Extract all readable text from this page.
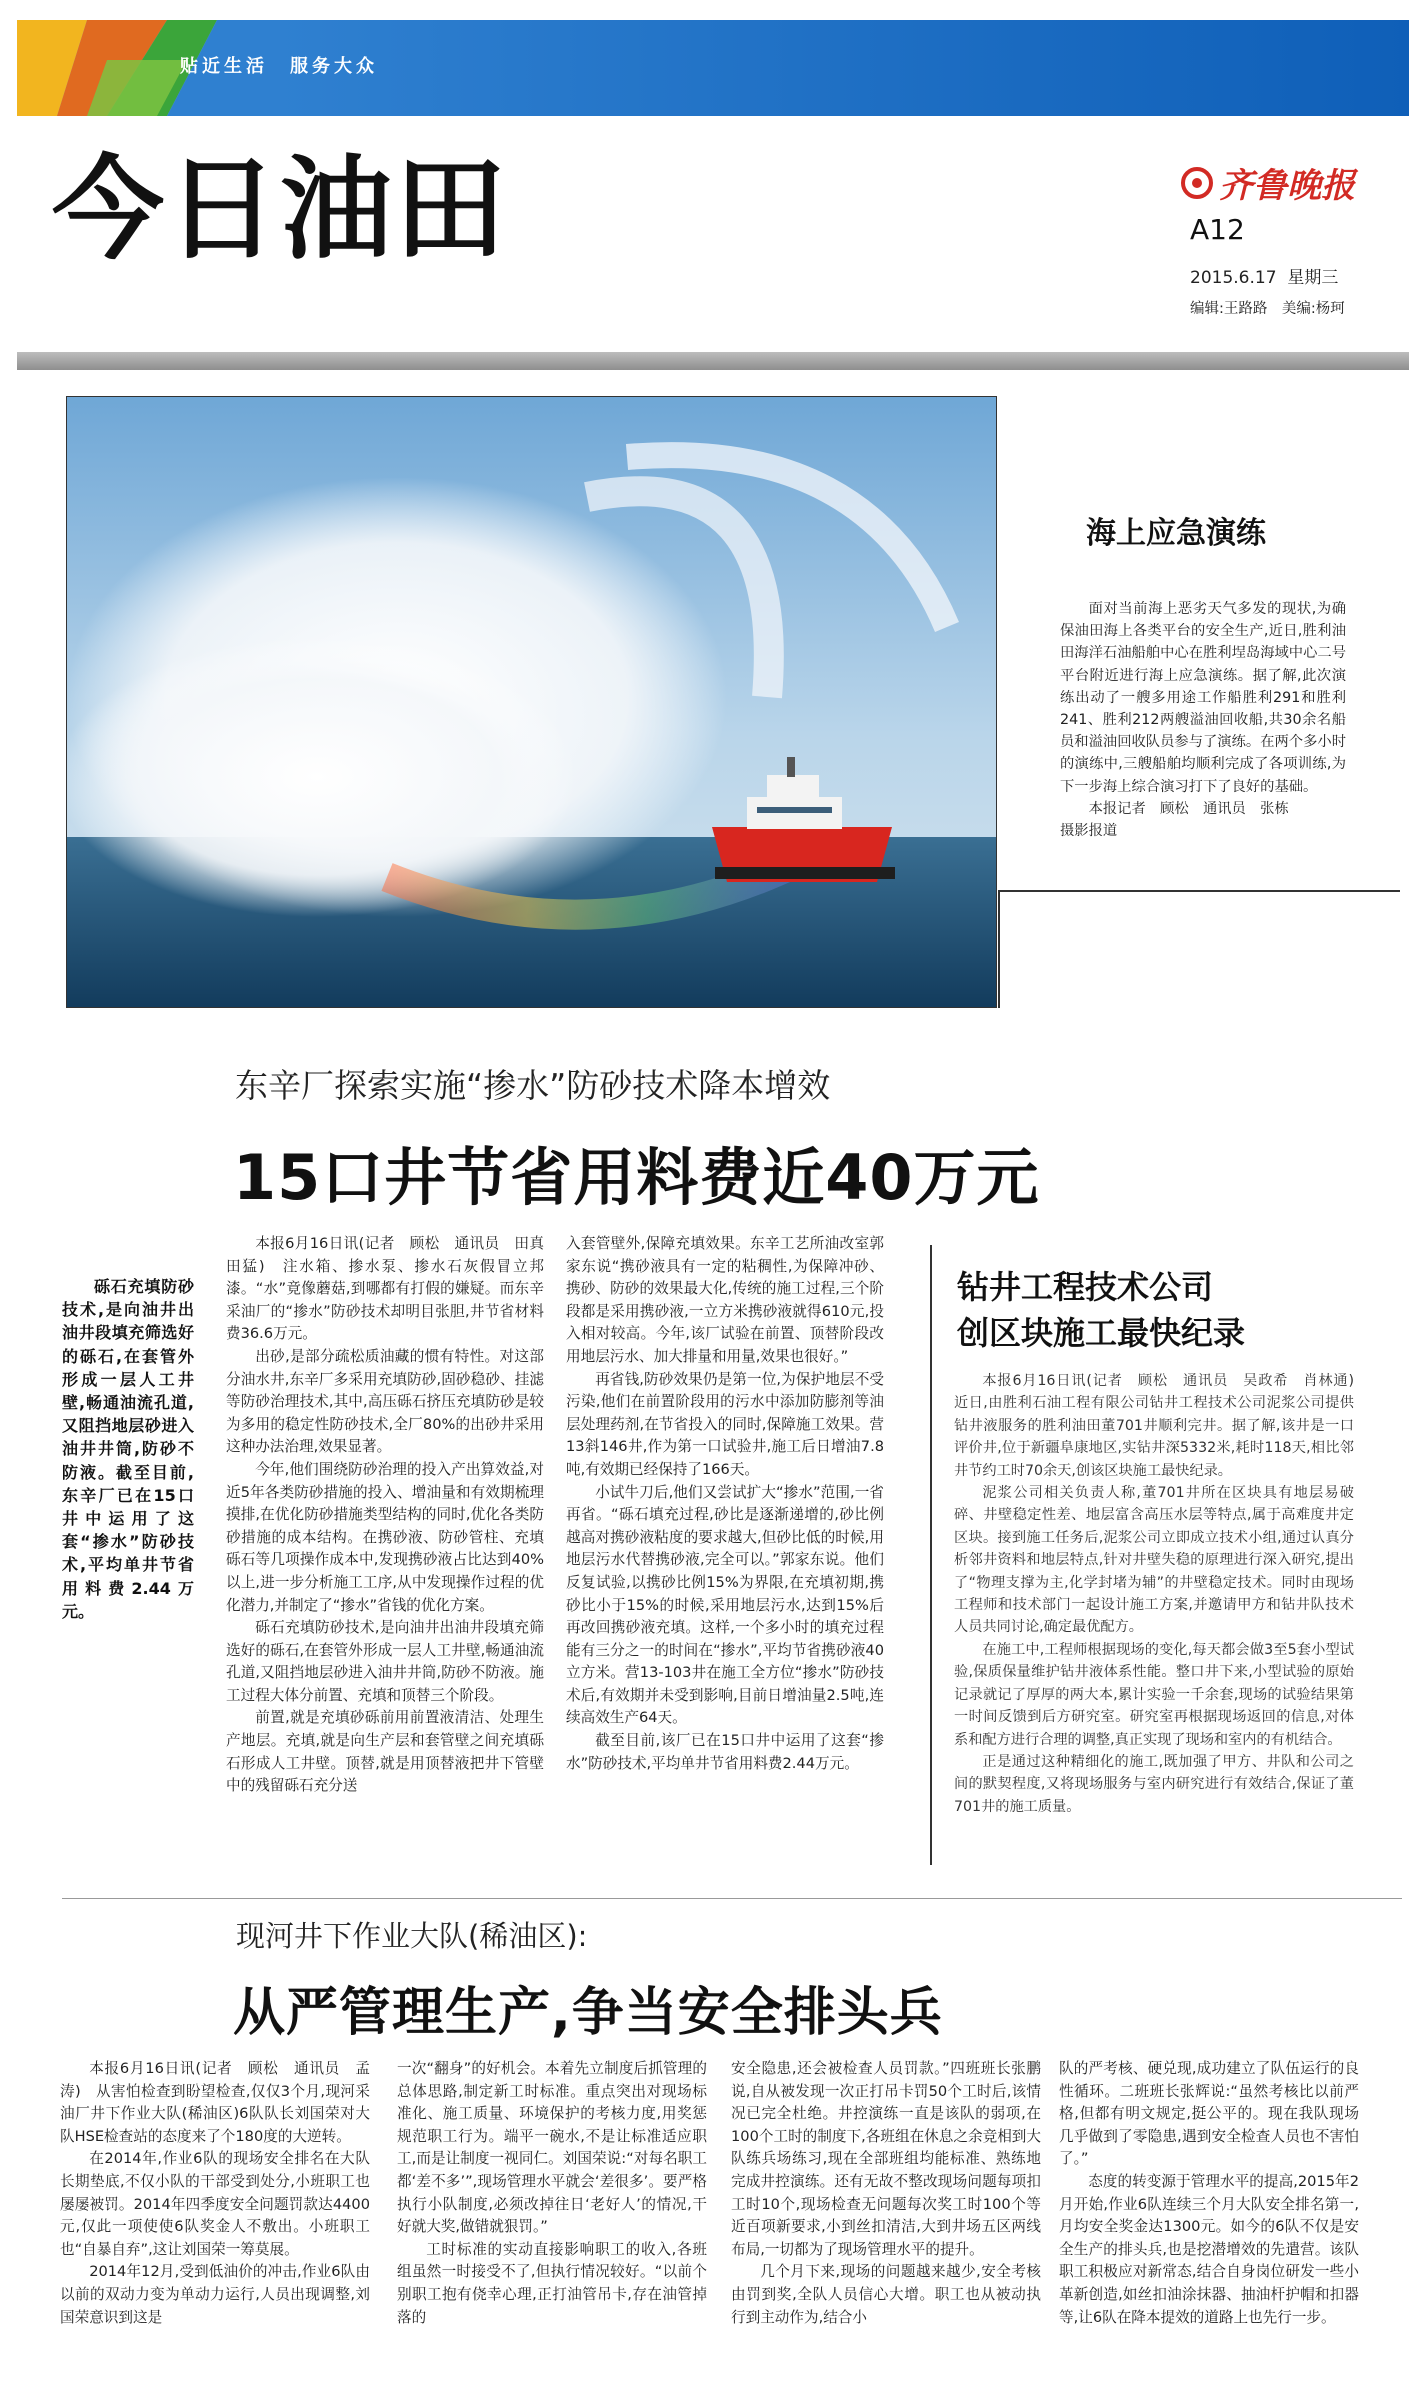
贴近生活　服务大众
今日油田	齐鲁晚报
A12
2015.6.17 星期三
编辑:王路路　美编:杨珂
海上应急演练

面对当前海上恶劣天气多发的现状,为确保油田海上各类平台的安全生产,近日,胜利油田海洋石油船舶中心在胜利埕岛海域中心二号平台附近进行海上应急演练。据了解,此次演练出动了一艘多用途工作船胜利291和胜利241、胜利212两艘溢油回收船,共30余名船员和溢油回收队员参与了演练。在两个多小时的演练中,三艘船舶均顺利完成了各项训练,为下一步海上综合演习打下了良好的基础。

本报记者　顾松　通讯员　张栋

摄影报道

东辛厂探索实施“掺水”防砂技术降本增效
15口井节省用料费近40万元
砾石充填防砂技术,是向油井出油井段填充筛选好的砾石,在套管外形成一层人工井壁,畅通油流孔道,又阻挡地层砂进入油井井筒,防砂不防液。截至目前,东辛厂已在15口井中运用了这套“掺水”防砂技术,平均单井节省用料费2.44万元。

本报6月16日讯(记者　顾松　通讯员　田真　田猛)　注水箱、掺水泵、掺水石灰假冒立邦漆。“水”竟像蘑菇,到哪都有打假的嫌疑。而东辛采油厂的“掺水”防砂技术却明目张胆,井节省材料费36.6万元。

出砂,是部分疏松质油藏的惯有特性。对这部分油水井,东辛厂多采用充填防砂,固砂稳砂、挂滤等防砂治理技术,其中,高压砾石挤压充填防砂是较为多用的稳定性防砂技术,全厂80%的出砂井采用这种办法治理,效果显著。

今年,他们围绕防砂治理的投入产出算效益,对近5年各类防砂措施的投入、增油量和有效期梳理摸排,在优化防砂措施类型结构的同时,优化各类防砂措施的成本结构。在携砂液、防砂管柱、充填砾石等几项操作成本中,发现携砂液占比达到40%以上,进一步分析施工工序,从中发现操作过程的优化潜力,并制定了“掺水”省钱的优化方案。

砾石充填防砂技术,是向油井出油井段填充筛选好的砾石,在套管外形成一层人工井壁,畅通油流孔道,又阻挡地层砂进入油井井筒,防砂不防液。施工过程大体分前置、充填和顶替三个阶段。

前置,就是充填砂砾前用前置液清洁、处理生产地层。充填,就是向生产层和套管壁之间充填砾石形成人工井壁。顶替,就是用顶替液把井下管壁中的残留砾石充分送

入套管壁外,保障充填效果。东辛工艺所油改室郭家东说“携砂液具有一定的粘稠性,为保障冲砂、携砂、防砂的效果最大化,传统的施工过程,三个阶段都是采用携砂液,一立方米携砂液就得610元,投入相对较高。今年,该厂试验在前置、顶替阶段改用地层污水、加大排量和用量,效果也很好。”

再省钱,防砂效果仍是第一位,为保护地层不受污染,他们在前置阶段用的污水中添加防膨剂等油层处理药剂,在节省投入的同时,保障施工效果。营13斜146井,作为第一口试验井,施工后日增油7.8吨,有效期已经保持了166天。

小试牛刀后,他们又尝试扩大“掺水”范围,一省再省。“砾石填充过程,砂比是逐渐递增的,砂比例越高对携砂液粘度的要求越大,但砂比低的时候,用地层污水代替携砂液,完全可以。”郭家东说。他们反复试验,以携砂比例15%为界限,在充填初期,携砂比小于15%的时候,采用地层污水,达到15%后再改回携砂液充填。这样,一个多小时的填充过程能有三分之一的时间在“掺水”,平均节省携砂液40立方米。营13-103井在施工全方位“掺水”防砂技术后,有效期并未受到影响,目前日增油量2.5吨,连续高效生产64天。

截至目前,该厂已在15口井中运用了这套“掺水”防砂技术,平均单井节省用料费2.44万元。

钻井工程技术公司
创区块施工最快纪录

本报6月16日讯(记者　顾松　通讯员　吴政希　肖林通)　近日,由胜利石油工程有限公司钻井工程技术公司泥浆公司提供钻井液服务的胜利油田董701井顺利完井。据了解,该井是一口评价井,位于新疆阜康地区,实钻井深5332米,耗时118天,相比邻井节约工时70余天,创该区块施工最快纪录。

泥浆公司相关负责人称,董701井所在区块具有地层易破碎、井壁稳定性差、地层富含高压水层等特点,属于高难度井定区块。接到施工任务后,泥浆公司立即成立技术小组,通过认真分析邻井资料和地层特点,针对井壁失稳的原理进行深入研究,提出了“物理支撑为主,化学封堵为辅”的井壁稳定技术。同时由现场工程师和技术部门一起设计施工方案,并邀请甲方和钻井队技术人员共同讨论,确定最优配方。

在施工中,工程师根据现场的变化,每天都会做3至5套小型试验,保质保量维护钻井液体系性能。整口井下来,小型试验的原始记录就记了厚厚的两大本,累计实验一千余套,现场的试验结果第一时间反馈到后方研究室。研究室再根据现场返回的信息,对体系和配方进行合理的调整,真正实现了现场和室内的有机结合。

正是通过这种精细化的施工,既加强了甲方、井队和公司之间的默契程度,又将现场服务与室内研究进行有效结合,保证了董701井的施工质量。

现河井下作业大队(稀油区):
从严管理生产,争当安全排头兵

本报6月16日讯(记者　顾松　通讯员　孟涛)　从害怕检查到盼望检查,仅仅3个月,现河采油厂井下作业大队(稀油区)6队队长刘国荣对大队HSE检查站的态度来了个180度的大逆转。

在2014年,作业6队的现场安全排名在大队长期垫底,不仅小队的干部受到处分,小班职工也屡屡被罚。2014年四季度安全问题罚款达4400元,仅此一项使使6队奖金人不敷出。小班职工也“自暴自弃”,这让刘国荣一筹莫展。

2014年12月,受到低油价的冲击,作业6队由以前的双动力变为单动力运行,人员出现调整,刘国荣意识到这是

一次“翻身”的好机会。本着先立制度后抓管理的总体思路,制定新工时标准。重点突出对现场标准化、施工质量、环境保护的考核力度,用奖惩规范职工行为。端平一碗水,不是让标准适应职工,而是让制度一视同仁。刘国荣说:“对每名职工都‘差不多’”,现场管理水平就会‘差很多’。要严格执行小队制度,必须改掉往日‘老好人’的情况,干好就大奖,做错就狠罚。”

工时标准的实动直接影响职工的收入,各班组虽然一时接受不了,但执行情况较好。“以前个别职工抱有侥幸心理,正打油管吊卡,存在油管掉落的

安全隐患,还会被检查人员罚款。”四班班长张鹏说,自从被发现一次正打吊卡罚50个工时后,该情况已完全杜绝。井控演练一直是该队的弱项,在100个工时的制度下,各班组在休息之余竞相到大队练兵场练习,现在全部班组均能标准、熟练地完成井控演练。还有无故不整改现场问题每项扣工时10个,现场检查无问题每次奖工时100个等近百项新要求,小到丝扣清洁,大到井场五区两线布局,一切都为了现场管理水平的提升。

几个月下来,现场的问题越来越少,安全考核由罚到奖,全队人员信心大增。职工也从被动执行到主动作为,结合小

队的严考核、硬兑现,成功建立了队伍运行的良性循环。二班班长张辉说:“虽然考核比以前严格,但都有明文规定,挺公平的。现在我队现场几乎做到了零隐患,遇到安全检查人员也不害怕了。”

态度的转变源于管理水平的提高,2015年2月开始,作业6队连续三个月大队安全排名第一,月均安全奖金达1300元。如今的6队不仅是安全生产的排头兵,也是挖潜增效的先遣营。该队职工积极应对新常态,结合自身岗位研发一些小革新创造,如丝扣油涂抹器、抽油杆护帽和扣器等,让6队在降本提效的道路上也先行一步。
